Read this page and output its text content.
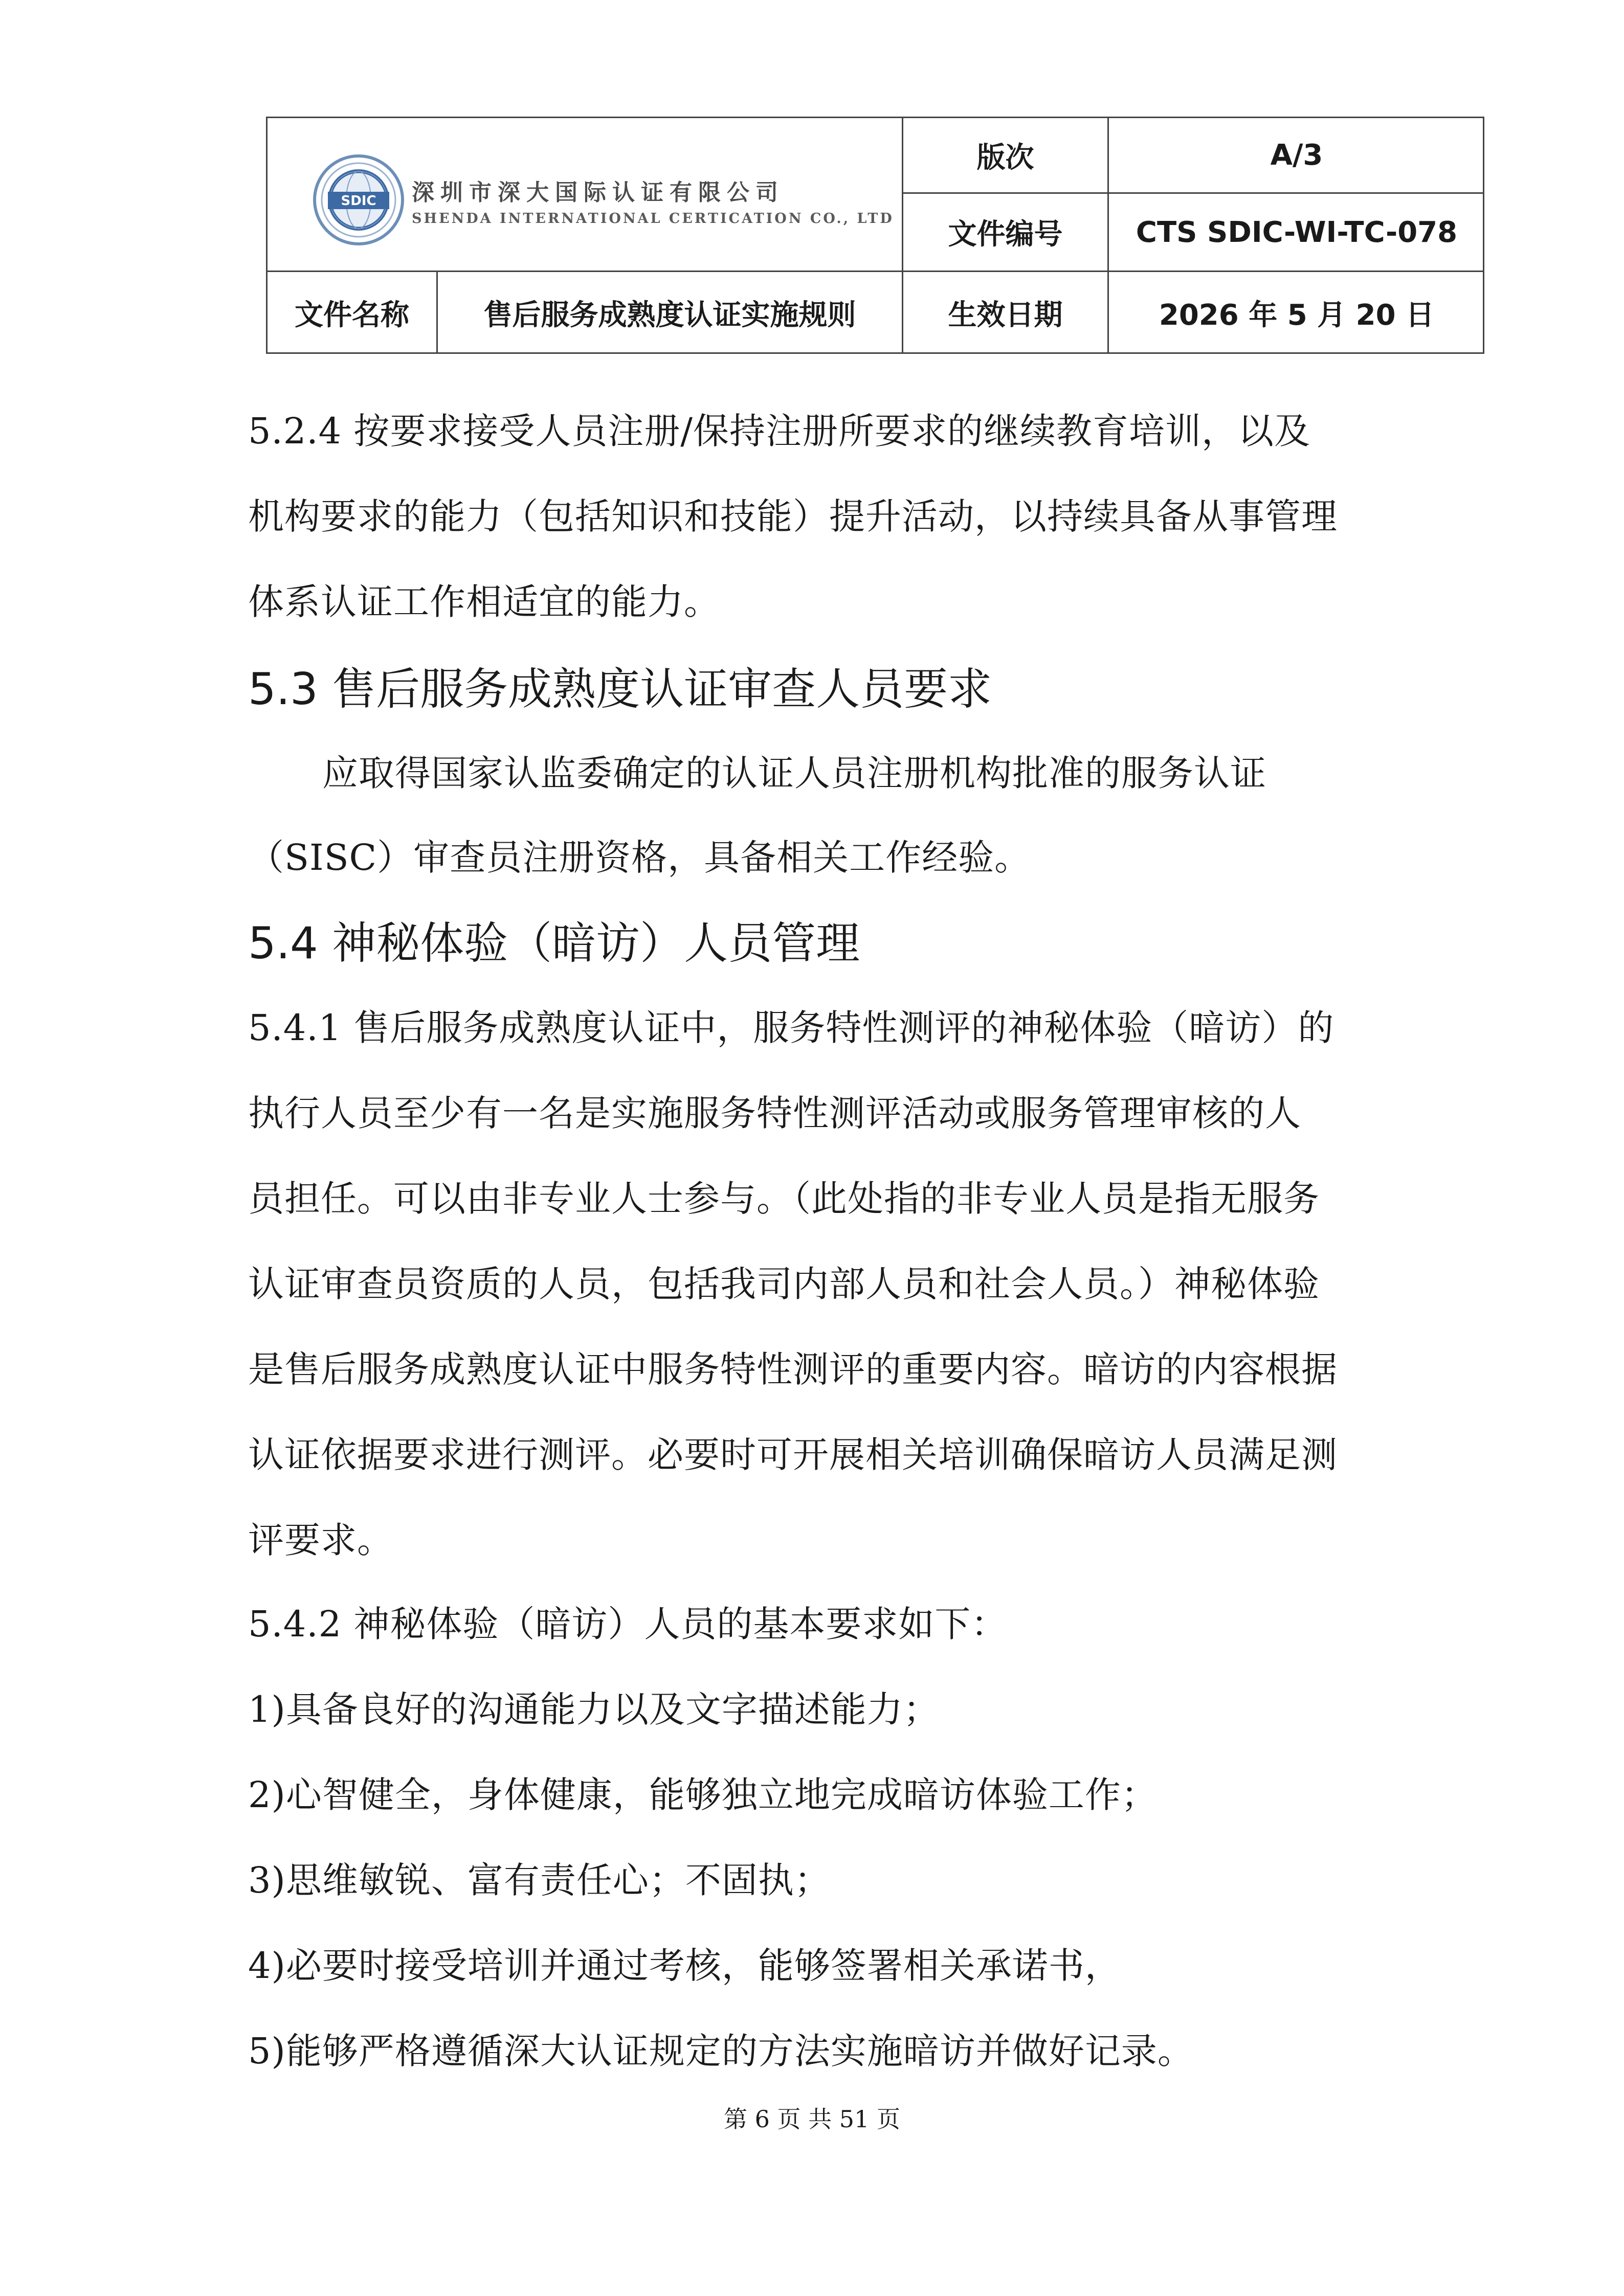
SDIC 深圳市深大国际认证有限公司
SHENDA INTERNATIONAL CERTICATION CO., LTD
版次	A/3
文件编号	CTS SDIC-WI-TC-078
文件名称	售后服务成熟度认证实施规则	生效日期	2026 年 5 月 20 日
5.2.4 按要求接受人员注册/保持注册所要求的继续教育培训，以及
机构要求的能力（包括知识和技能）提升活动，以持续具备从事管理
体系认证工作相适宜的能力。
5.3 售后服务成熟度认证审查人员要求
应取得国家认监委确定的认证人员注册机构批准的服务认证
（SISC）审查员注册资格，具备相关工作经验。
5.4 神秘体验（暗访）人员管理
5.4.1 售后服务成熟度认证中，服务特性测评的神秘体验（暗访）的
执行人员至少有一名是实施服务特性测评活动或服务管理审核的人
员担任。可以由非专业人士参与。（此处指的非专业人员是指无服务
认证审查员资质的人员，包括我司内部人员和社会人员。）神秘体验
是售后服务成熟度认证中服务特性测评的重要内容。暗访的内容根据
认证依据要求进行测评。必要时可开展相关培训确保暗访人员满足测
评要求。
5.4.2 神秘体验（暗访）人员的基本要求如下：
1)具备良好的沟通能力以及文字描述能力；
2)心智健全，身体健康，能够独立地完成暗访体验工作；
3)思维敏锐、富有责任心；不固执；
4)必要时接受培训并通过考核，能够签署相关承诺书，
5)能够严格遵循深大认证规定的方法实施暗访并做好记录。
第 6 页 共 51 页
